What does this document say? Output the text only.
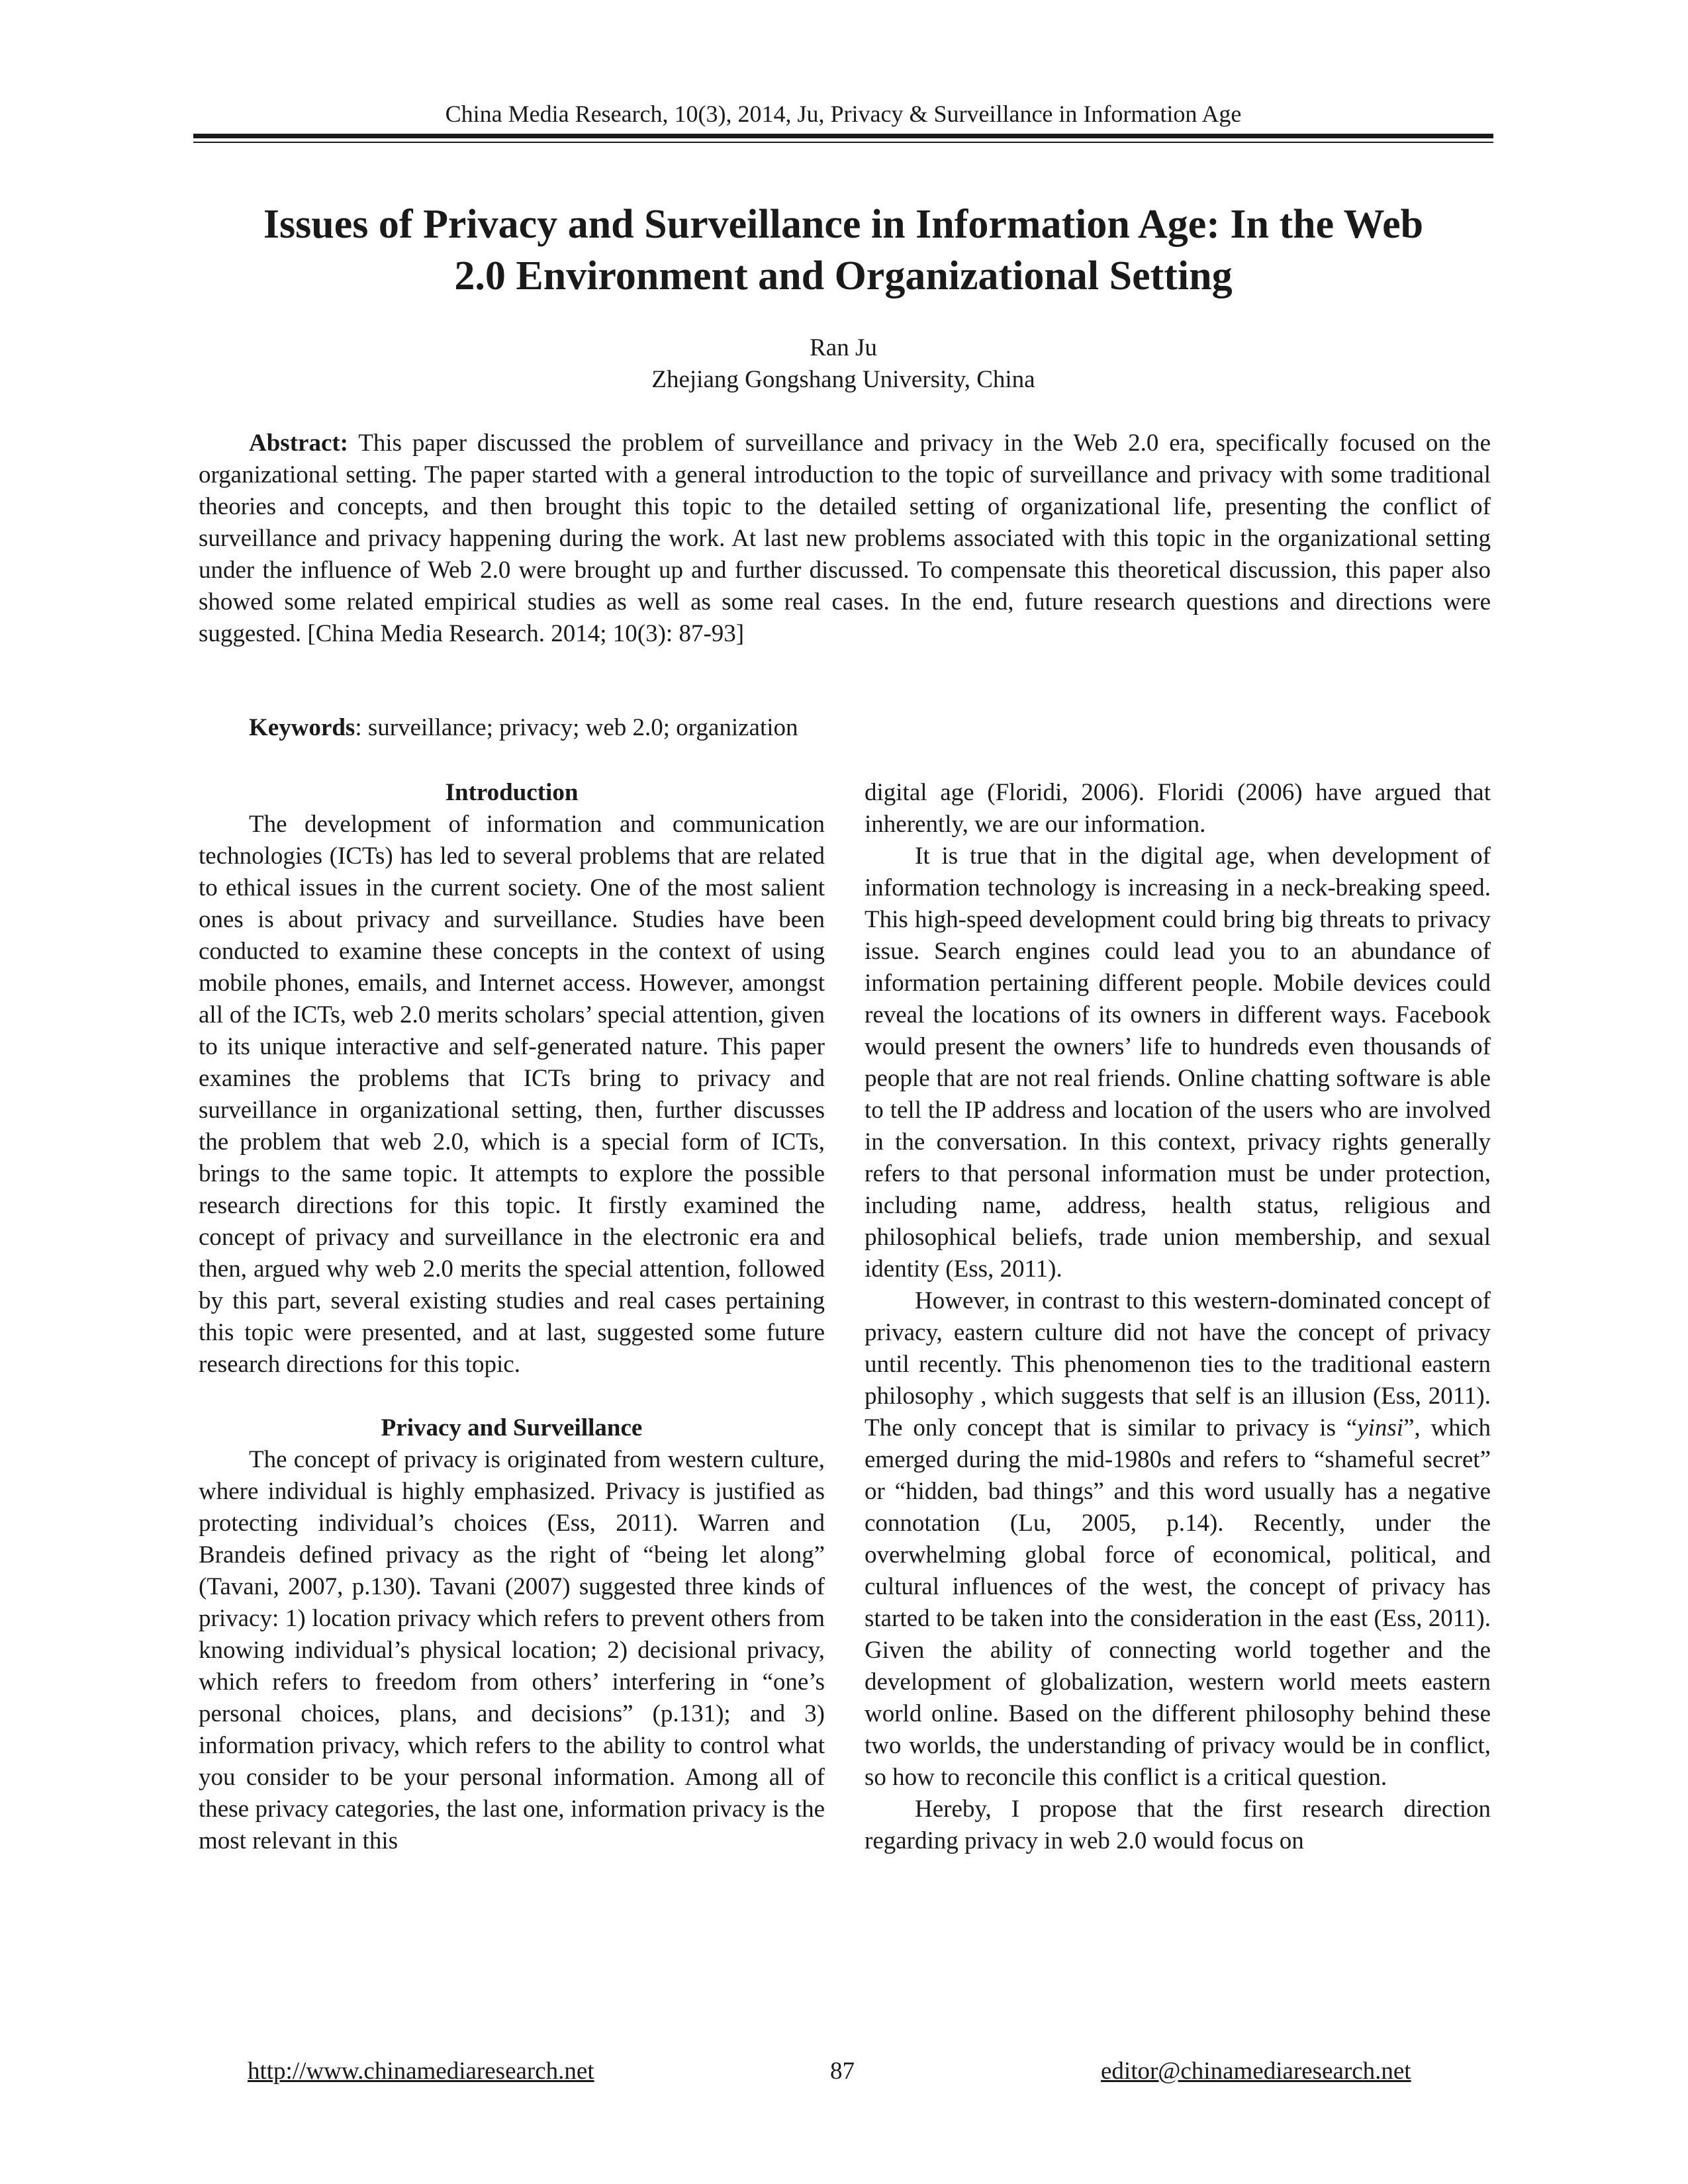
China Media Research, 10(3), 2014, Ju, Privacy & Surveillance in Information Age
Issues of Privacy and Surveillance in Information Age: In the Web
2.0 Environment and Organizational Setting
Ran Ju
Zhejiang Gongshang University, China

Abstract: This paper discussed the problem of surveillance and privacy in the Web 2.0 era, specifically focused on the organizational setting. The paper started with a general introduction to the topic of surveillance and privacy with some traditional theories and concepts, and then brought this topic to the detailed setting of organizational life, presenting the conflict of surveillance and privacy happening during the work. At last new problems associated with this topic in the organizational setting under the influence of Web 2.0 were brought up and further discussed. To compensate this theoretical discussion, this paper also showed some related empirical studies as well as some real cases. In the end, future research questions and directions were suggested. [China Media Research. 2014; 10(3): 87-93]

Keywords: surveillance; privacy; web 2.0; organization

Introduction

The development of information and communication technologies (ICTs) has led to several problems that are related to ethical issues in the current society. One of the most salient ones is about privacy and surveillance. Studies have been conducted to examine these concepts in the context of using mobile phones, emails, and Internet access. However, amongst all of the ICTs, web 2.0 merits scholars’ special attention, given to its unique interactive and self-generated nature. This paper examines the problems that ICTs bring to privacy and surveillance in organizational setting, then, further discusses the problem that web 2.0, which is a special form of ICTs, brings to the same topic. It attempts to explore the possible research directions for this topic. It firstly examined the concept of privacy and surveillance in the electronic era and then, argued why web 2.0 merits the special attention, followed by this part, several existing studies and real cases pertaining this topic were presented, and at last, suggested some future research directions for this topic.

Privacy and Surveillance

The concept of privacy is originated from western culture, where individual is highly emphasized. Privacy is justified as protecting individual’s choices (Ess, 2011). Warren and Brandeis defined privacy as the right of “being let along” (Tavani, 2007, p.130). Tavani (2007) suggested three kinds of privacy: 1) location privacy which refers to prevent others from knowing individual’s physical location; 2) decisional privacy, which refers to freedom from others’ interfering in “one’s personal choices, plans, and decisions” (p.131); and 3) information privacy, which refers to the ability to control what you consider to be your personal information. Among all of these privacy categories, the last one, information privacy is the most relevant in this

digital age (Floridi, 2006). Floridi (2006) have argued that inherently, we are our information.

It is true that in the digital age, when development of information technology is increasing in a neck-breaking speed. This high-speed development could bring big threats to privacy issue. Search engines could lead you to an abundance of information pertaining different people. Mobile devices could reveal the locations of its owners in different ways. Facebook would present the owners’ life to hundreds even thousands of people that are not real friends. Online chatting software is able to tell the IP address and location of the users who are involved in the conversation. In this context, privacy rights generally refers to that personal information must be under protection, including name, address, health status, religious and philosophical beliefs, trade union membership, and sexual identity (Ess, 2011).

However, in contrast to this western-dominated concept of privacy, eastern culture did not have the concept of privacy until recently. This phenomenon ties to the traditional eastern philosophy , which suggests that self is an illusion (Ess, 2011). The only concept that is similar to privacy is “yinsi”, which emerged during the mid-1980s and refers to “shameful secret” or “hidden, bad things” and this word usually has a negative connotation (Lu, 2005, p.14). Recently, under the overwhelming global force of economical, political, and cultural influences of the west, the concept of privacy has started to be taken into the consideration in the east (Ess, 2011). Given the ability of connecting world together and the development of globalization, western world meets eastern world online. Based on the different philosophy behind these two worlds, the understanding of privacy would be in conflict, so how to reconcile this conflict is a critical question.

Hereby, I propose that the first research direction regarding privacy in web 2.0 would focus on

http://www.chinamediaresearch.net	87	editor@chinamediaresearch.net
